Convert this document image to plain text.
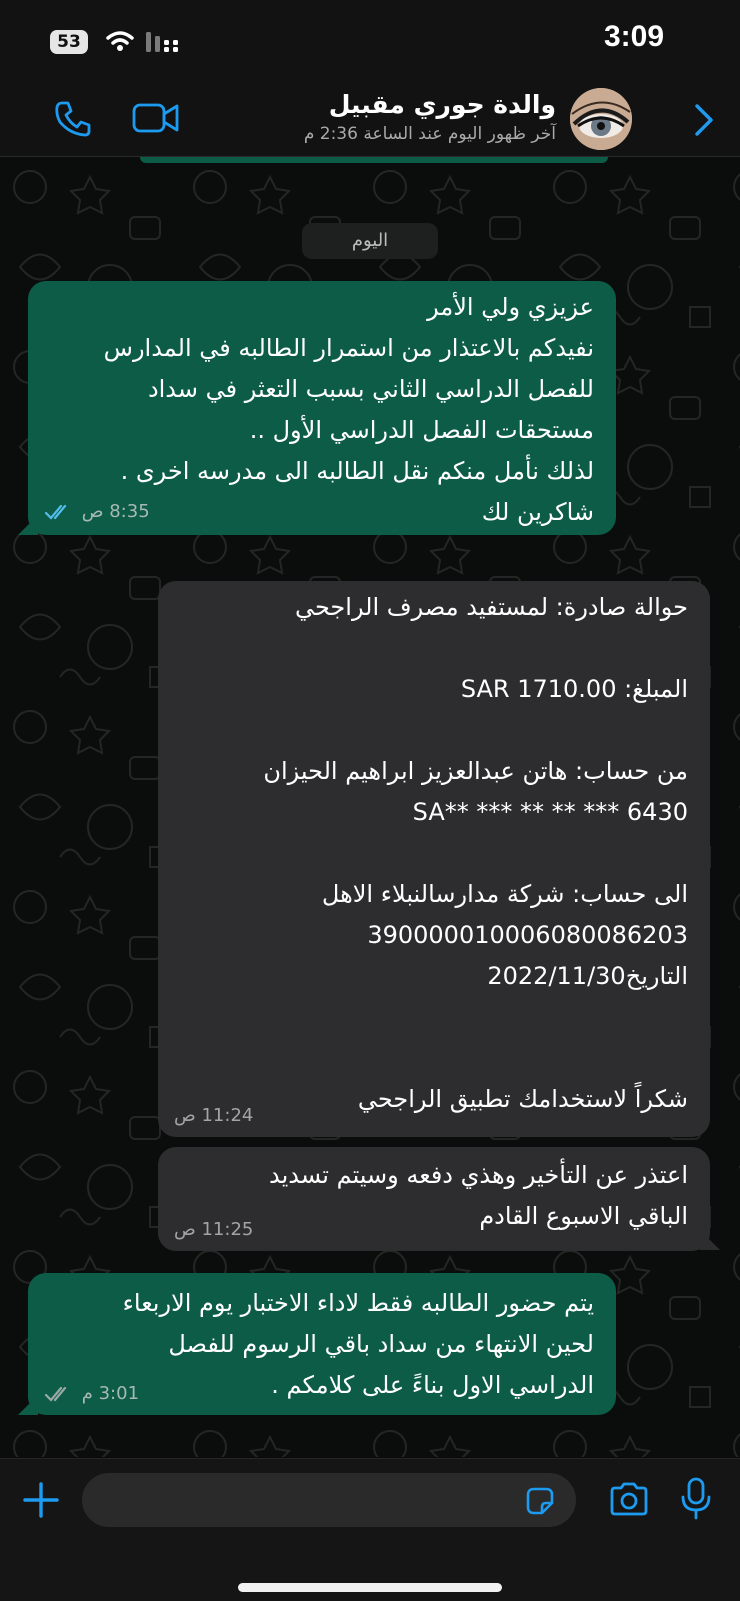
53	3:09
والدة جوري مقبيل
آخر ظهور اليوم عند الساعة 2:36 م
اليوم
عزيزي ولي الأمر
نفيدكم بالاعتذار من استمرار الطالبه في المدارس
للفصل الدراسي الثاني بسبب التعثر في سداد
مستحقات الفصل الدراسي الأول ..
لذلك نأمل منكم نقل الطالبه الى مدرسه اخرى .
شاكرين لك
8:35 ص
حوالة صادرة: لمستفيد مصرف الراجحي

المبلغ: SAR 1710.00

من حساب: هاتن عبدالعزيز ابراهيم الحيزان
SA** *** ** ** *** 6430

الى حساب: شركة مدارسالنبلاء الاهل
390000010006080086203
التاريخ2022/11/30

شكراً لاستخدامك تطبيق الراجحي
11:24 ص
اعتذر عن التأخير وهذي دفعه وسيتم تسديد
الباقي الاسبوع القادم
11:25 ص
يتم حضور الطالبه فقط لاداء الاختبار يوم الاربعاء
لحين الانتهاء من سداد باقي الرسوم للفصل
الدراسي الاول بناءً على كلامكم .
3:01 م
